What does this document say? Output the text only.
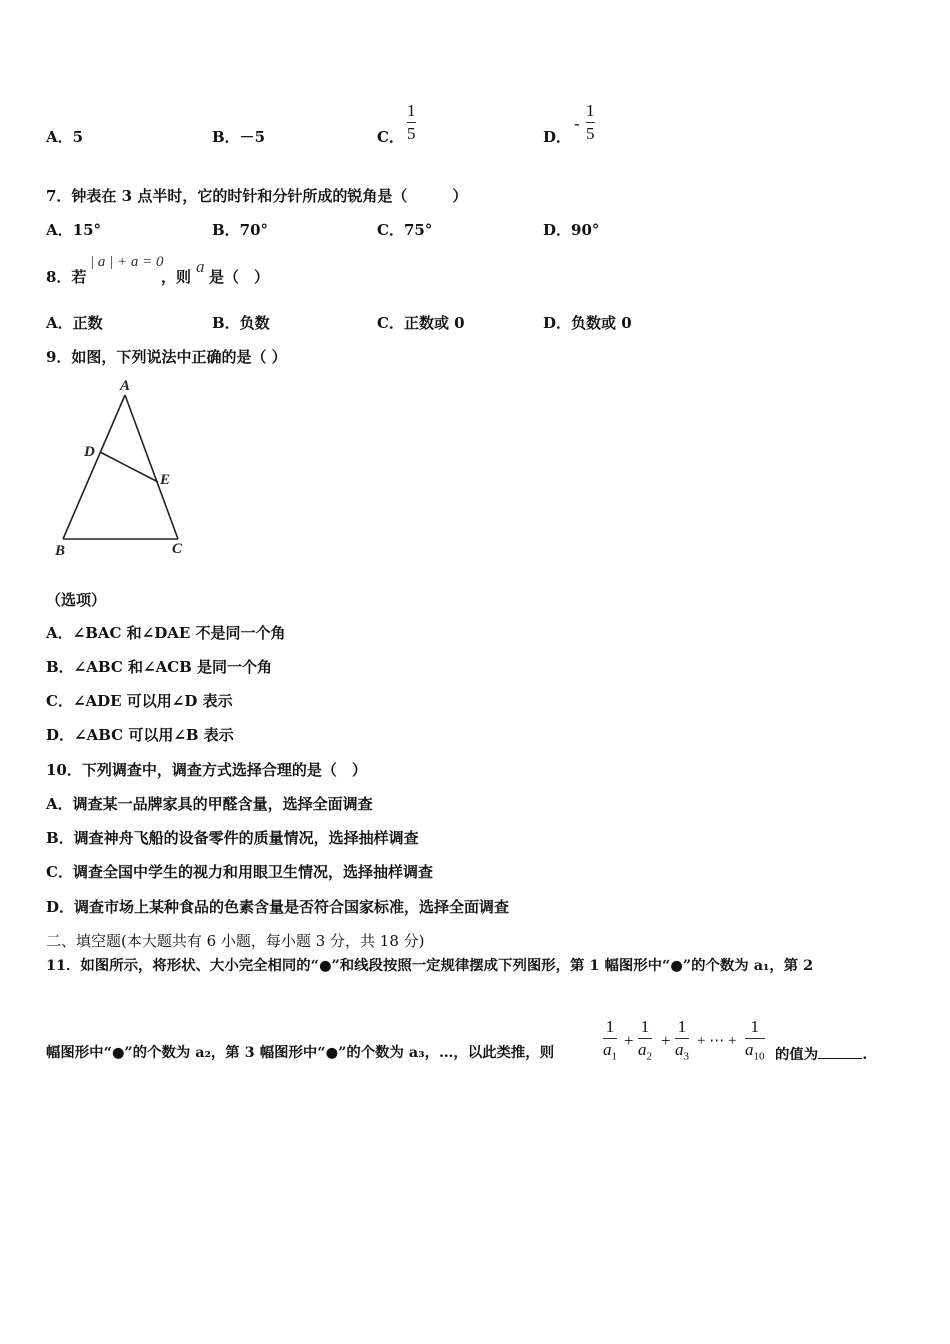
A．5	B．－5	C．
1
5	D．
-
1
5
7．钟表在 3 点半时，它的时针和分针所成的锐角是（　　　）
A．15°	B．70°	C．75°	D．90°
8．若
| a | + a = 0
，则
a
是（　）
A．正数	B．负数	C．正数或 0	D．负数或 0
9．如图，下列说法中正确的是（ ）
A
D
E
B	C
（选项）
A．∠BAC 和∠DAE 不是同一个角
B．∠ABC 和∠ACB 是同一个角
C．∠ADE 可以用∠D 表示
D．∠ABC 可以用∠B 表示
10．下列调查中，调查方式选择合理的是（　）
A．调查某一品牌家具的甲醛含量，选择全面调查
B．调查神舟飞船的设备零件的质量情况，选择抽样调查
C．调查全国中学生的视力和用眼卫生情况，选择抽样调查
D．调查市场上某种食品的色素含量是否符合国家标准，选择全面调查
二、填空题(本大题共有 6 小题，每小题 3 分，共 18 分)
11．如图所示，将形状、大小完全相同的“●”和线段按照一定规律摆成下列图形，第 1 幅图形中“●”的个数为 a₁，第 2
幅图形中“●”的个数为 a₂，第 3 幅图形中“●”的个数为 a₃，…，以此类推，则
1
$a_1$
+
1
$a_2$
+
1
$a_3$
+ ⋯ +
1
$a_{10}$ 的值为	.
